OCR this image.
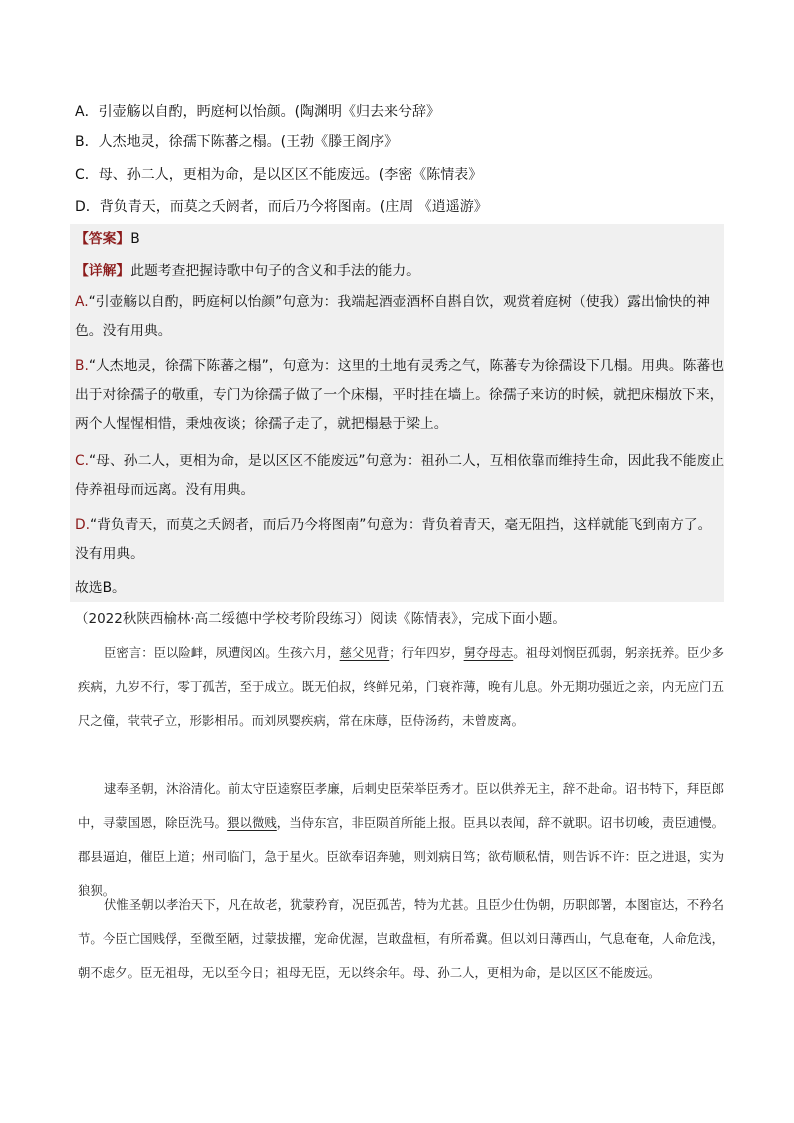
A．引壶觞以自酌，眄庭柯以怡颜。(陶渊明《归去来兮辞》
B．人杰地灵，徐孺下陈蕃之榻。(王勃《滕王阁序》
C．母、孙二人，更相为命，是以区区不能废远。(李密《陈情表》
D．背负青天，而莫之夭阏者，而后乃今将图南。(庄周 《逍遥游》
【答案】B
【详解】此题考查把握诗歌中句子的含义和手法的能力。
A.“引壶觞以自酌，眄庭柯以怡颜”句意为：我端起酒壶酒杯自斟自饮，观赏着庭树（使我）露出愉快的神色。没有用典。
B.“人杰地灵，徐孺下陈蕃之榻”，句意为：这里的土地有灵秀之气，陈蕃专为徐孺设下几榻。用典。陈蕃也出于对徐孺子的敬重，专门为徐孺子做了一个床榻，平时挂在墙上。徐孺子来访的时候，就把床榻放下来，两个人惺惺相惜，秉烛夜谈；徐孺子走了，就把榻悬于梁上。
C.“母、孙二人，更相为命，是以区区不能废远”句意为：祖孙二人，互相依靠而维持生命，因此我不能废止侍养祖母而远离。没有用典。
D.“背负青天，而莫之夭阏者，而后乃今将图南”句意为：背负着青天，毫无阻挡，这样就能飞到南方了。没有用典。
故选B。
（2022秋陕西榆林·高二绥德中学校考阶段练习）阅读《陈情表》，完成下面小题。
臣密言：臣以险衅，夙遭闵凶。生孩六月，慈父见背；行年四岁，舅夺母志。祖母刘悯臣孤弱，躬亲抚养。臣少多疾病，九岁不行，零丁孤苦，至于成立。既无伯叔，终鲜兄弟，门衰祚薄，晚有儿息。外无期功强近之亲，内无应门五尺之僮，茕茕孑立，形影相吊。而刘夙婴疾病，常在床蓐，臣侍汤药，未曾废离。
逮奉圣朝，沐浴清化。前太守臣逵察臣孝廉，后刺史臣荣举臣秀才。臣以供养无主，辞不赴命。诏书特下，拜臣郎中，寻蒙国恩，除臣洗马。猥以微贱，当侍东宫，非臣陨首所能上报。臣具以表闻，辞不就职。诏书切峻，责臣逋慢。郡县逼迫，催臣上道；州司临门，急于星火。臣欲奉诏奔驰，则刘病日笃；欲苟顺私情，则告诉不许：臣之进退，实为狼狈。
伏惟圣朝以孝治天下，凡在故老，犹蒙矜育，况臣孤苦，特为尤甚。且臣少仕伪朝，历职郎署，本图宦达，不矜名节。今臣亡国贱俘，至微至陋，过蒙拔擢，宠命优渥，岂敢盘桓，有所希冀。但以刘日薄西山，气息奄奄，人命危浅，朝不虑夕。臣无祖母，无以至今日；祖母无臣，无以终余年。母、孙二人，更相为命，是以区区不能废远。
